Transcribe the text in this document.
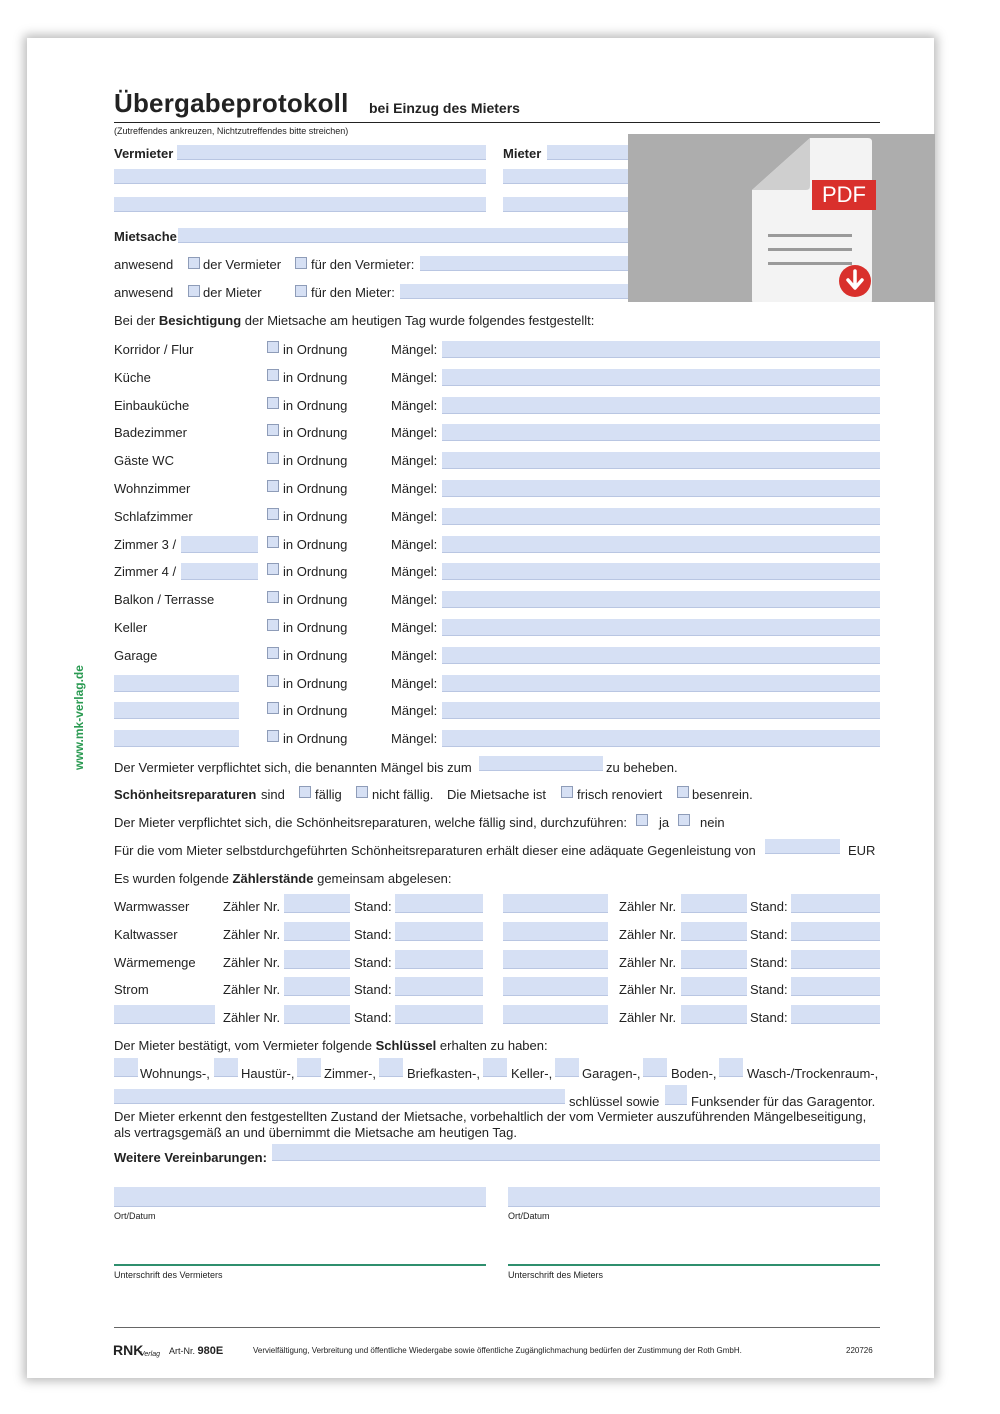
Übergabeprotokoll bei Einzug des Mieters
(Zutreffendes ankreuzen, Nichtzutreffendes bitte streichen)
Vermieter	Mieter
Mietsache
anwesend der Vermieter für den Vermieter:
anwesend der Mieter	für den Mieter:
Bei der Besichtigung der Mietsache am heutigen Tag wurde folgendes festgestellt:
Korridor / Flur	in Ordnung	Mängel:
Küche	in Ordnung	Mängel:
Einbauküche	in Ordnung	Mängel:
Badezimmer	in Ordnung	Mängel:
Gäste WC	in Ordnung	Mängel:
Wohnzimmer	in Ordnung	Mängel:
Schlafzimmer	in Ordnung	Mängel:
Zimmer 3 /	in Ordnung	Mängel:
Zimmer 4 /	in Ordnung	Mängel:
Balkon / Terrasse	in Ordnung	Mängel:
Keller	in Ordnung	Mängel:
Garage	in Ordnung	Mängel:
in Ordnung	Mängel:
in Ordnung	Mängel:
in Ordnung	Mängel:
Der Vermieter verpflichtet sich, die benannten Mängel bis zum	zu beheben.
Schönheitsreparaturen sind fällig nicht fällig. Die Mietsache ist frisch renoviert besenrein.
Der Mieter verpflichtet sich, die Schönheitsreparaturen, welche fällig sind, durchzuführen: ja nein
Für die vom Mieter selbstdurchgeführten Schönheitsreparaturen erhält dieser eine adäquate Gegenleistung von	EUR
Es wurden folgende Zählerstände gemeinsam abgelesen:
Warmwasser	Zähler Nr.	Stand:	Zähler Nr.	Stand:
Kaltwasser	Zähler Nr.	Stand:	Zähler Nr.	Stand:
Wärmemenge Zähler Nr.	Stand:	Zähler Nr.	Stand:
Strom	Zähler Nr.	Stand:	Zähler Nr.	Stand:
Zähler Nr.	Stand:	Zähler Nr.	Stand:
Der Mieter bestätigt, vom Vermieter folgende Schlüssel erhalten zu haben:
Wohnungs-, Haustür-, Zimmer-, Briefkasten-, Keller-, Garagen-, Boden-, Wasch-/Trockenraum-,
schlüssel sowie Funksender für das Garagentor.
Der Mieter erkennt den festgestellten Zustand der Mietsache, vorbehaltlich der vom Vermieter auszuführenden Mängelbeseitigung,
als vertragsgemäß an und übernimmt die Mietsache am heutigen Tag.
Weitere Vereinbarungen:
Ort/Datum	Ort/Datum
Unterschrift des Vermieters	Unterschrift des Mieters
RNK
Verlag Art-Nr. 980E	Vervielfältigung, Verbreitung und öffentliche Wiedergabe sowie öffentliche Zugänglichmachung bedürfen der Zustimmung der Roth GmbH.	220726
www.mk-verlag.de
PDF
